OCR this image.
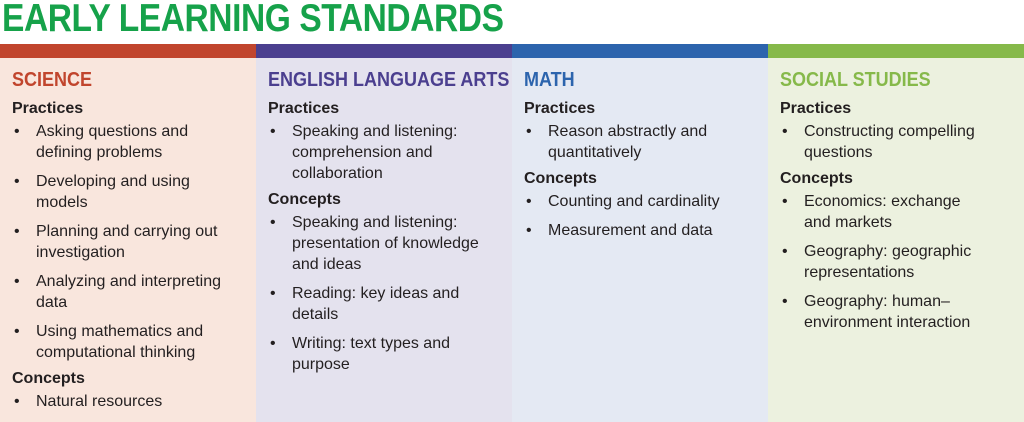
EARLY LEARNING STANDARDS
SCIENCE
Practices
• Asking questions and defining problems
• Developing and using models
• Planning and carrying out investigation
• Analyzing and interpreting data
• Using mathematics and computational thinking
Concepts
• Natural resources
ENGLISH LANGUAGE ARTS
Practices
• Speaking and listening: comprehension and collaboration
Concepts
• Speaking and listening: presentation of knowledge and ideas
• Reading: key ideas and details
• Writing: text types and purpose
MATH
Practices
• Reason abstractly and quantitatively
Concepts
• Counting and cardinality
• Measurement and data
SOCIAL STUDIES
Practices
• Constructing compelling questions
Concepts
• Economics: exchange and markets
• Geography: geographic representations
• Geography: human–environment interaction
